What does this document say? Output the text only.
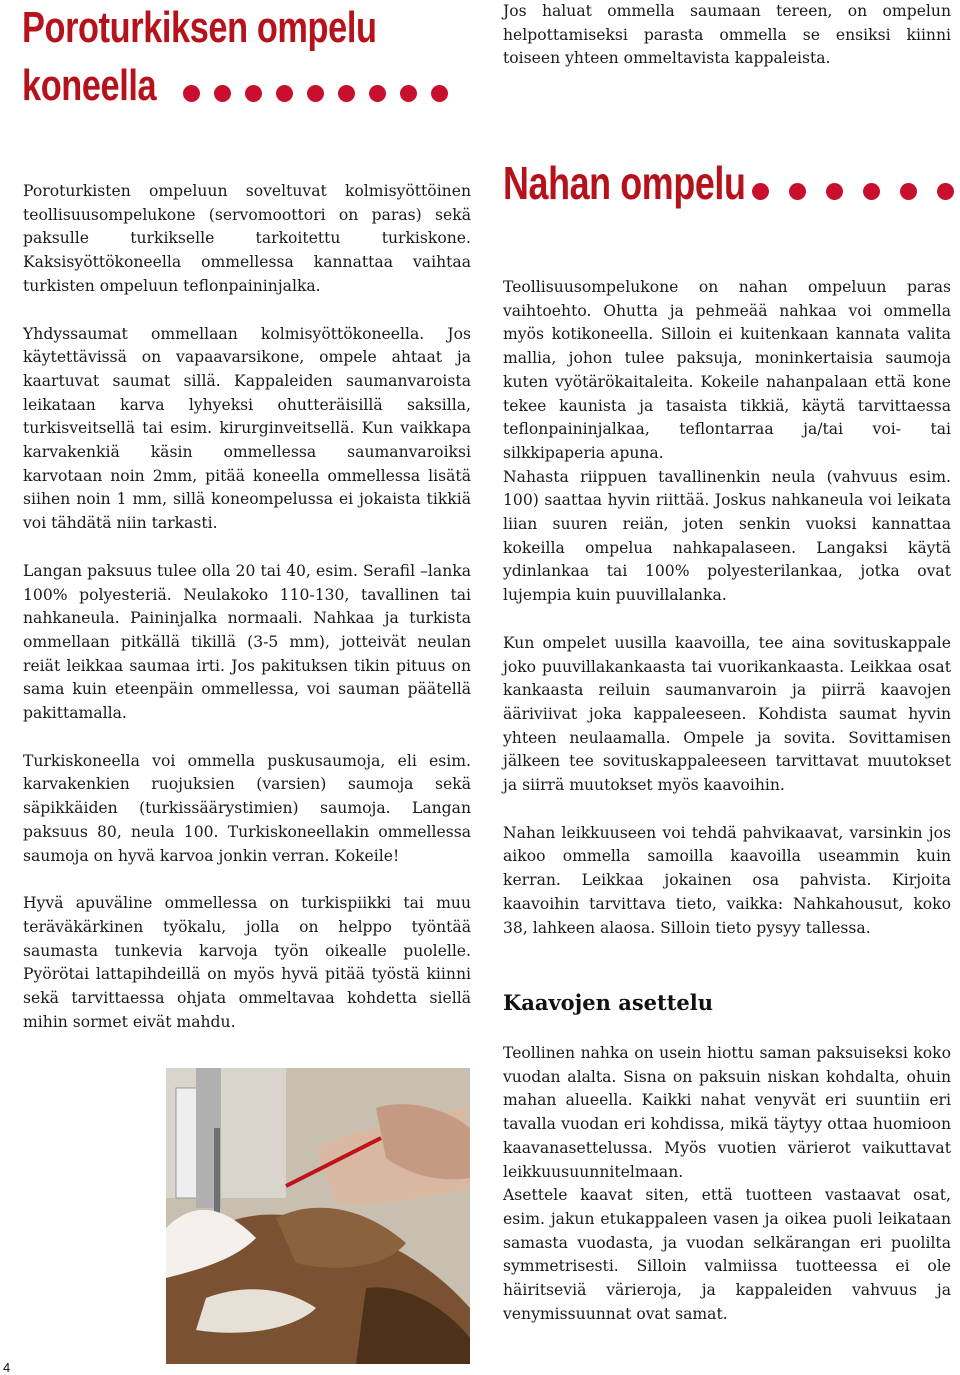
Poroturkiksen ompelu
koneella

Poroturkisten ompeluun soveltuvat kolmisyöttöinen teollisuusompelukone (servomoottori on paras) sekä paksulle turkikselle tarkoitettu turkiskone. Kaksisyöttökoneella ommellessa kannattaa vaihtaa turkisten ompeluun teflonpaininjalka.

Yhdyssaumat ommellaan kolmisyöttökoneella. Jos käytettävissä on vapaavarsikone, ompele ahtaat ja kaartuvat saumat sillä. Kappaleiden saumanvaroista leikataan karva lyhyeksi ohutteräisillä saksilla, turkisveitsellä tai esim. kirurginveitsellä. Kun vaikkapa karvakenkiä käsin ommellessa saumanvaroiksi karvotaan noin 2mm, pitää koneella ommellessa lisätä siihen noin 1 mm, sillä koneompelussa ei jokaista tikkiä voi tähdätä niin tarkasti.

Langan paksuus tulee olla 20 tai 40, esim. Serafil –lanka 100% polyesteriä. Neulakoko 110-130, tavallinen tai nahkaneula. Paininjalka normaali. Nahkaa ja turkista ommellaan pitkällä tikillä (3-5 mm), jotteivät neulan reiät leikkaa saumaa irti. Jos pakituksen tikin pituus on sama kuin eteenpäin ommellessa, voi sauman päätellä pakittamalla.

Turkiskoneella voi ommella puskusaumoja, eli esim. karvakenkien ruojuksien (varsien) saumoja sekä säpikkäiden (turkissäärystimien) saumoja. Langan paksuus 80, neula 100. Turkiskoneellakin ommellessa saumoja on hyvä karvoa jonkin verran. Kokeile!

Hyvä apuväline ommellessa on turkispiikki tai muu teräväkärkinen työkalu, jolla on helppo työntää saumasta tunkevia karvoja työn oikealle puolelle. Pyörötai lattapihdeillä on myös hyvä pitää työstä kiinni sekä tarvittaessa ohjata ommeltavaa kohdetta siellä mihin sormet eivät mahdu.

Jos haluat ommella saumaan tereen, on ompelun helpottamiseksi parasta ommella se ensiksi kiinni toiseen yhteen ommeltavista kappaleista.
Nahan ompelu

Teollisuusompelukone on nahan ompeluun paras vaihtoehto. Ohutta ja pehmeää nahkaa voi ommella myös kotikoneella. Silloin ei kuitenkaan kannata valita mallia, johon tulee paksuja, moninkertaisia saumoja kuten vyötärökaitaleita. Kokeile nahanpalaan että kone tekee kaunista ja tasaista tikkiä, käytä tarvittaessa teflonpaininjalkaa, teflontarraa ja/tai voi- tai silkkipaperia apuna.

Nahasta riippuen tavallinenkin neula (vahvuus esim. 100) saattaa hyvin riittää. Joskus nahkaneula voi leikata liian suuren reiän, joten senkin vuoksi kannattaa kokeilla ompelua nahkapalaseen. Langaksi käytä ydinlankaa tai 100% polyesterilankaa, jotka ovat lujempia kuin puuvillalanka.

Kun ompelet uusilla kaavoilla, tee aina sovituskappale joko puuvillakankaasta tai vuorikankaasta. Leikkaa osat kankaasta reiluin saumanvaroin ja piirrä kaavojen ääriviivat joka kappaleeseen. Kohdista saumat hyvin yhteen neulaamalla. Ompele ja sovita. Sovittamisen jälkeen tee sovituskappaleeseen tarvittavat muutokset ja siirrä muutokset myös kaavoihin.

Nahan leikkuuseen voi tehdä pahvikaavat, varsinkin jos aikoo ommella samoilla kaavoilla useammin kuin kerran. Leikkaa jokainen osa pahvista. Kirjoita kaavoihin tarvittava tieto, vaikka: Nahkahousut, koko 38, lahkeen alaosa. Silloin tieto pysyy tallessa.

Kaavojen asettelu

Teollinen nahka on usein hiottu saman paksuiseksi koko vuodan alalta. Sisna on paksuin niskan kohdalta, ohuin mahan alueella. Kaikki nahat venyvät eri suuntiin eri tavalla vuodan eri kohdissa, mikä täytyy ottaa huomioon kaavanasettelussa. Myös vuotien värierot vaikuttavat leikkuusuunnitelmaan.

Asettele kaavat siten, että tuotteen vastaavat osat, esim. jakun etukappaleen vasen ja oikea puoli leikataan samasta vuodasta, ja vuodan selkärangan eri puolilta symmetrisesti. Silloin valmiissa tuotteessa ei ole häiritseviä värieroja, ja kappaleiden vahvuus ja venymissuunnat ovat samat.

4
